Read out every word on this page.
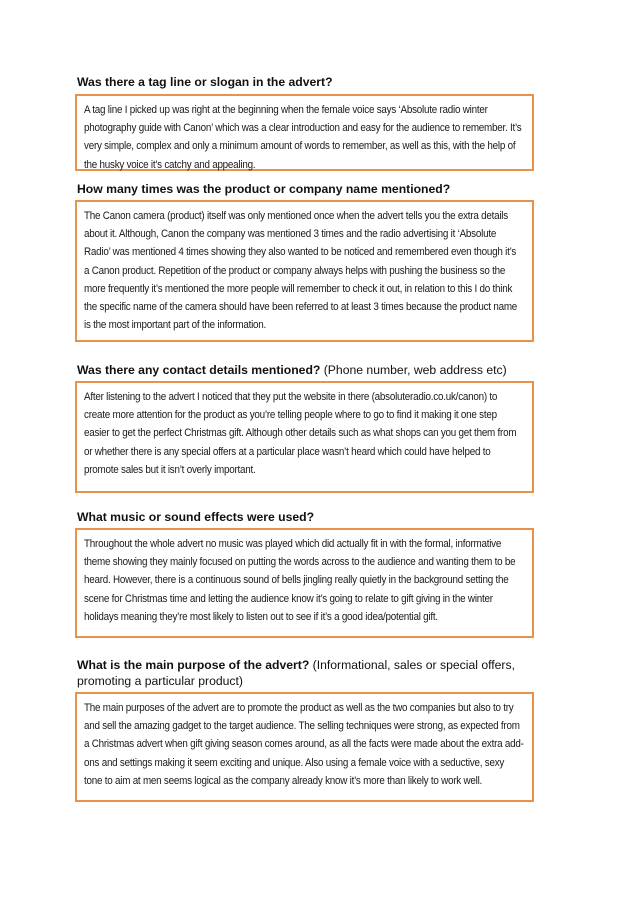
Was there a tag line or slogan in the advert?

A tag line I picked up was right at the beginning when the female voice says ‘Absolute radio winter photography guide with Canon’ which was a clear introduction and easy for the audience to remember. It’s very simple, complex and only a minimum amount of words to remember, as well as this, with the help of the husky voice it’s catchy and appealing.

How many times was the product or company name mentioned?

The Canon camera (product) itself was only mentioned once when the advert tells you the extra details about it. Although, Canon the company was mentioned 3 times and the radio advertising it ‘Absolute Radio’ was mentioned 4 times showing they also wanted to be noticed and remembered even though it’s a Canon product. Repetition of the product or company always helps with pushing the business so the more frequently it’s mentioned the more people will remember to check it out, in relation to this I do think the specific name of the camera should have been referred to at least 3 times because the product name is the most important part of the information.

Was there any contact details mentioned? (Phone number, web address etc)

After listening to the advert I noticed that they put the website in there (absoluteradio.co.uk/canon) to create more attention for the product as you’re telling people where to go to find it making it one step easier to get the perfect Christmas gift. Although other details such as what shops can you get them from or whether there is any special offers at a particular place wasn’t heard which could have helped to promote sales but it isn’t overly important.

What music or sound effects were used?

Throughout the whole advert no music was played which did actually fit in with the formal, informative theme showing they mainly focused on putting the words across to the audience and wanting them to be heard. However, there is a continuous sound of bells jingling really quietly in the background setting the scene for Christmas time and letting the audience know it’s going to relate to gift giving in the winter holidays meaning they’re most likely to listen out to see if it’s a good idea/potential gift.

What is the main purpose of the advert? (Informational, sales or special offers, promoting a particular product)

The main purposes of the advert are to promote the product as well as the two companies but also to try and sell the amazing gadget to the target audience. The selling techniques were strong, as expected from a Christmas advert when gift giving season comes around, as all the facts were made about the extra add-ons and settings making it seem exciting and unique. Also using a female voice with a seductive, sexy tone to aim at men seems logical as the company already know it’s more than likely to work well.
